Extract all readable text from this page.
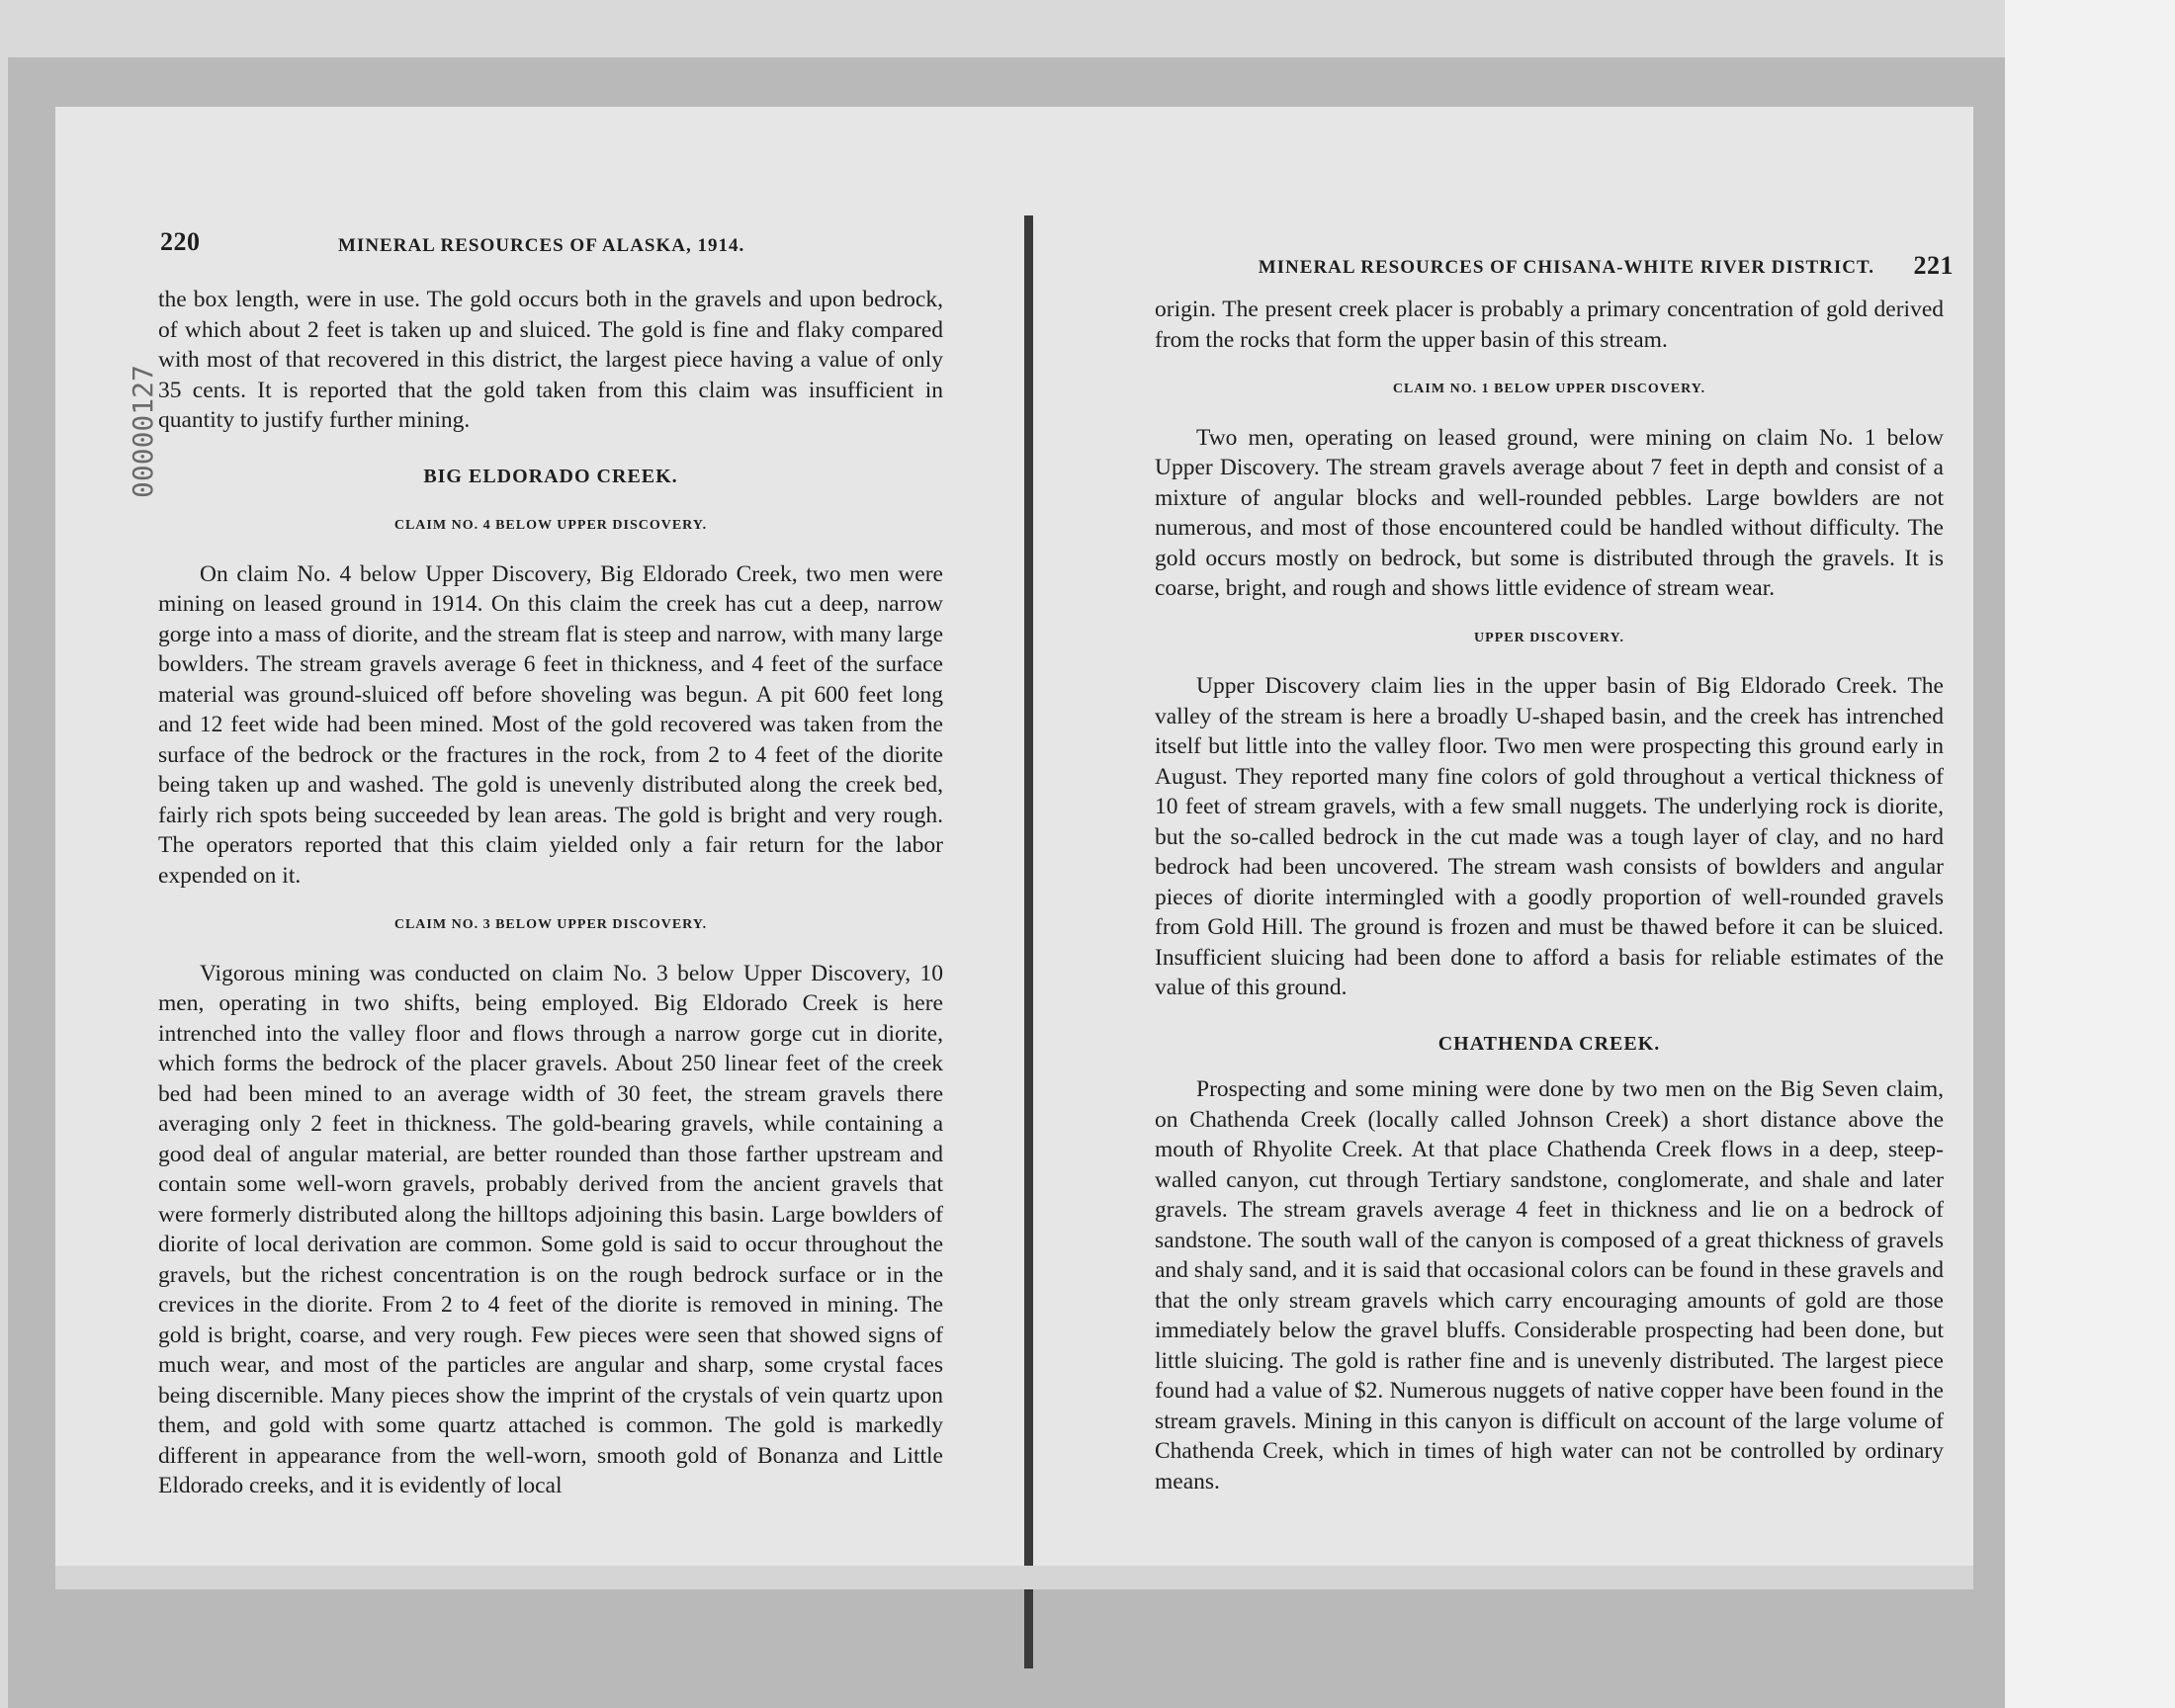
00000127
220	MINERAL RESOURCES OF ALASKA, 1914.

the box length, were in use. The gold occurs both in the gravels and upon bedrock, of which about 2 feet is taken up and sluiced. The gold is fine and flaky compared with most of that recovered in this district, the largest piece having a value of only 35 cents. It is reported that the gold taken from this claim was insufficient in quantity to justify further mining.

BIG ELDORADO CREEK.
CLAIM NO. 4 BELOW UPPER DISCOVERY.

On claim No. 4 below Upper Discovery, Big Eldorado Creek, two men were mining on leased ground in 1914. On this claim the creek has cut a deep, narrow gorge into a mass of diorite, and the stream flat is steep and narrow, with many large bowlders. The stream gravels average 6 feet in thickness, and 4 feet of the surface material was ground-sluiced off before shoveling was begun. A pit 600 feet long and 12 feet wide had been mined. Most of the gold recovered was taken from the surface of the bedrock or the fractures in the rock, from 2 to 4 feet of the diorite being taken up and washed. The gold is unevenly distributed along the creek bed, fairly rich spots being succeeded by lean areas. The gold is bright and very rough. The operators reported that this claim yielded only a fair return for the labor expended on it.

CLAIM NO. 3 BELOW UPPER DISCOVERY.

Vigorous mining was conducted on claim No. 3 below Upper Discovery, 10 men, operating in two shifts, being employed. Big Eldorado Creek is here intrenched into the valley floor and flows through a narrow gorge cut in diorite, which forms the bedrock of the placer gravels. About 250 linear feet of the creek bed had been mined to an average width of 30 feet, the stream gravels there averaging only 2 feet in thickness. The gold-bearing gravels, while containing a good deal of angular material, are better rounded than those farther upstream and contain some well-worn gravels, probably derived from the ancient gravels that were formerly distributed along the hilltops adjoining this basin. Large bowlders of diorite of local derivation are common. Some gold is said to occur throughout the gravels, but the richest concentration is on the rough bedrock surface or in the crevices in the diorite. From 2 to 4 feet of the diorite is removed in mining. The gold is bright, coarse, and very rough. Few pieces were seen that showed signs of much wear, and most of the particles are angular and sharp, some crystal faces being discernible. Many pieces show the imprint of the crystals of vein quartz upon them, and gold with some quartz attached is common. The gold is markedly different in appearance from the well-worn, smooth gold of Bonanza and Little Eldorado creeks, and it is evidently of local

MINERAL RESOURCES OF CHISANA-WHITE RIVER DISTRICT. 221

origin. The present creek placer is probably a primary concentration of gold derived from the rocks that form the upper basin of this stream.

CLAIM NO. 1 BELOW UPPER DISCOVERY.

Two men, operating on leased ground, were mining on claim No. 1 below Upper Discovery. The stream gravels average about 7 feet in depth and consist of a mixture of angular blocks and well-rounded pebbles. Large bowlders are not numerous, and most of those encountered could be handled without difficulty. The gold occurs mostly on bedrock, but some is distributed through the gravels. It is coarse, bright, and rough and shows little evidence of stream wear.

UPPER DISCOVERY.

Upper Discovery claim lies in the upper basin of Big Eldorado Creek. The valley of the stream is here a broadly U-shaped basin, and the creek has intrenched itself but little into the valley floor. Two men were prospecting this ground early in August. They reported many fine colors of gold throughout a vertical thickness of 10 feet of stream gravels, with a few small nuggets. The underlying rock is diorite, but the so-called bedrock in the cut made was a tough layer of clay, and no hard bedrock had been uncovered. The stream wash consists of bowlders and angular pieces of diorite intermingled with a goodly proportion of well-rounded gravels from Gold Hill. The ground is frozen and must be thawed before it can be sluiced. Insufficient sluicing had been done to afford a basis for reliable estimates of the value of this ground.

CHATHENDA CREEK.

Prospecting and some mining were done by two men on the Big Seven claim, on Chathenda Creek (locally called Johnson Creek) a short distance above the mouth of Rhyolite Creek. At that place Chathenda Creek flows in a deep, steep-walled canyon, cut through Tertiary sandstone, conglomerate, and shale and later gravels. The stream gravels average 4 feet in thickness and lie on a bedrock of sandstone. The south wall of the canyon is composed of a great thickness of gravels and shaly sand, and it is said that occasional colors can be found in these gravels and that the only stream gravels which carry encouraging amounts of gold are those immediately below the gravel bluffs. Considerable prospecting had been done, but little sluicing. The gold is rather fine and is unevenly distributed. The largest piece found had a value of $2. Numerous nuggets of native copper have been found in the stream gravels. Mining in this canyon is difficult on account of the large volume of Chathenda Creek, which in times of high water can not be controlled by ordinary means.
